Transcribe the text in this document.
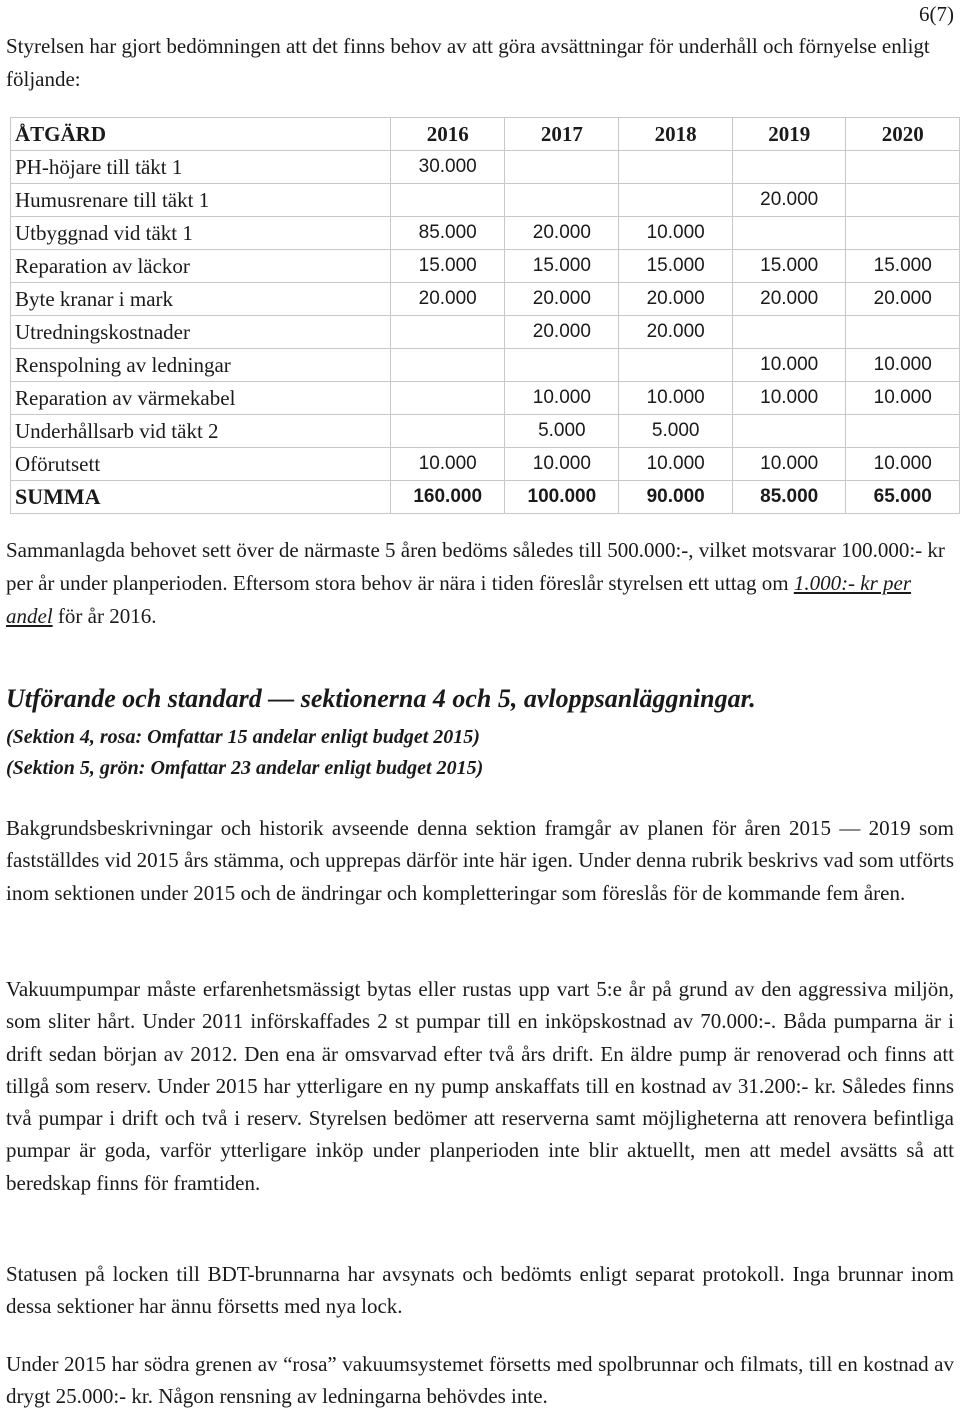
6(7)

Styrelsen har gjort bedömningen att det finns behov av att göra avsättningar för underhåll och förnyelse enligt följande:

ÅTGÄRD	2016	2017	2018	2019	2020
PH-höjare till täkt 1	30.000				
Humusrenare till täkt 1				20.000	
Utbyggnad vid täkt 1	85.000	20.000	10.000		
Reparation av läckor	15.000	15.000	15.000	15.000	15.000
Byte kranar i mark	20.000	20.000	20.000	20.000	20.000
Utredningskostnader		20.000	20.000		
Renspolning av ledningar				10.000	10.000
Reparation av värmekabel		10.000	10.000	10.000	10.000
Underhållsarb vid täkt 2		5.000	5.000		
Oförutsett	10.000	10.000	10.000	10.000	10.000
SUMMA	160.000	100.000	90.000	85.000	65.000

Sammanlagda behovet sett över de närmaste 5 åren bedöms således till 500.000:-, vilket motsvarar 100.000:- kr per år under planperioden. Eftersom stora behov är nära i tiden föreslår styrelsen ett uttag om 1.000:- kr per andel för år 2016.

Utförande och standard — sektionerna 4 och 5, avloppsanläggningar.

(Sektion 4, rosa: Omfattar 15 andelar enligt budget 2015)

(Sektion 5, grön: Omfattar 23 andelar enligt budget 2015)

Bakgrundsbeskrivningar och historik avseende denna sektion framgår av planen för åren 2015 — 2019 som fastställdes vid 2015 års stämma, och upprepas därför inte här igen. Under denna rubrik beskrivs vad som utförts inom sektionen under 2015 och de ändringar och kompletteringar som föreslås för de kommande fem åren.

Vakuumpumpar måste erfarenhetsmässigt bytas eller rustas upp vart 5:e år på grund av den aggressiva miljön, som sliter hårt. Under 2011 införskaffades 2 st pumpar till en inköpskostnad av 70.000:-. Båda pumparna är i drift sedan början av 2012. Den ena är omsvarvad efter två års drift. En äldre pump är renoverad och finns att tillgå som reserv. Under 2015 har ytterligare en ny pump anskaffats till en kostnad av 31.200:- kr. Således finns två pumpar i drift och två i reserv. Styrelsen bedömer att reserverna samt möjligheterna att renovera befintliga pumpar är goda, varför ytterligare inköp under planperioden inte blir aktuellt, men att medel avsätts så att beredskap finns för framtiden.

Statusen på locken till BDT-brunnarna har avsynats och bedömts enligt separat protokoll. Inga brunnar inom dessa sektioner har ännu försetts med nya lock.

Under 2015 har södra grenen av “rosa” vakuumsystemet försetts med spolbrunnar och filmats, till en kostnad av drygt 25.000:- kr. Någon rensning av ledningarna behövdes inte.
